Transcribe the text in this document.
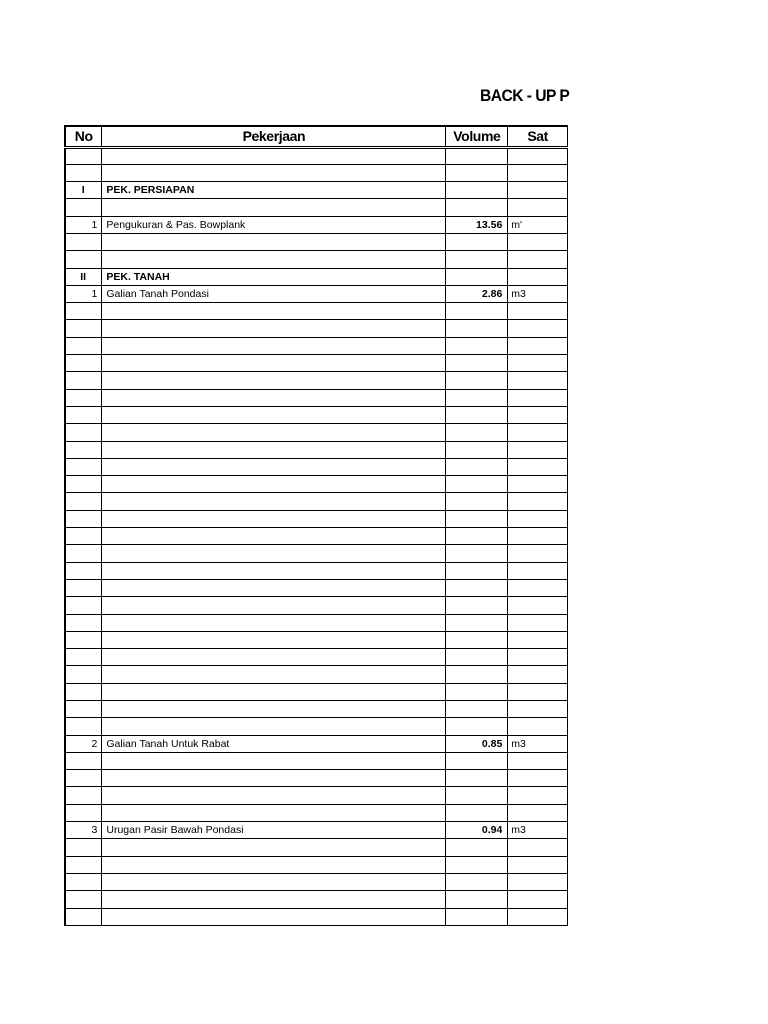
BACK - UP P
No	Pekerjaan	Volume	Sat

I	PEK. PERSIAPAN		

1	Pengukuran & Pas. Bowplank	13.56	m'

II	PEK. TANAH		
1	Galian Tanah Pondasi	2.86	m3

2	Galian Tanah Untuk Rabat	0.85	m3

3	Urugan Pasir Bawah Pondasi	0.94	m3
